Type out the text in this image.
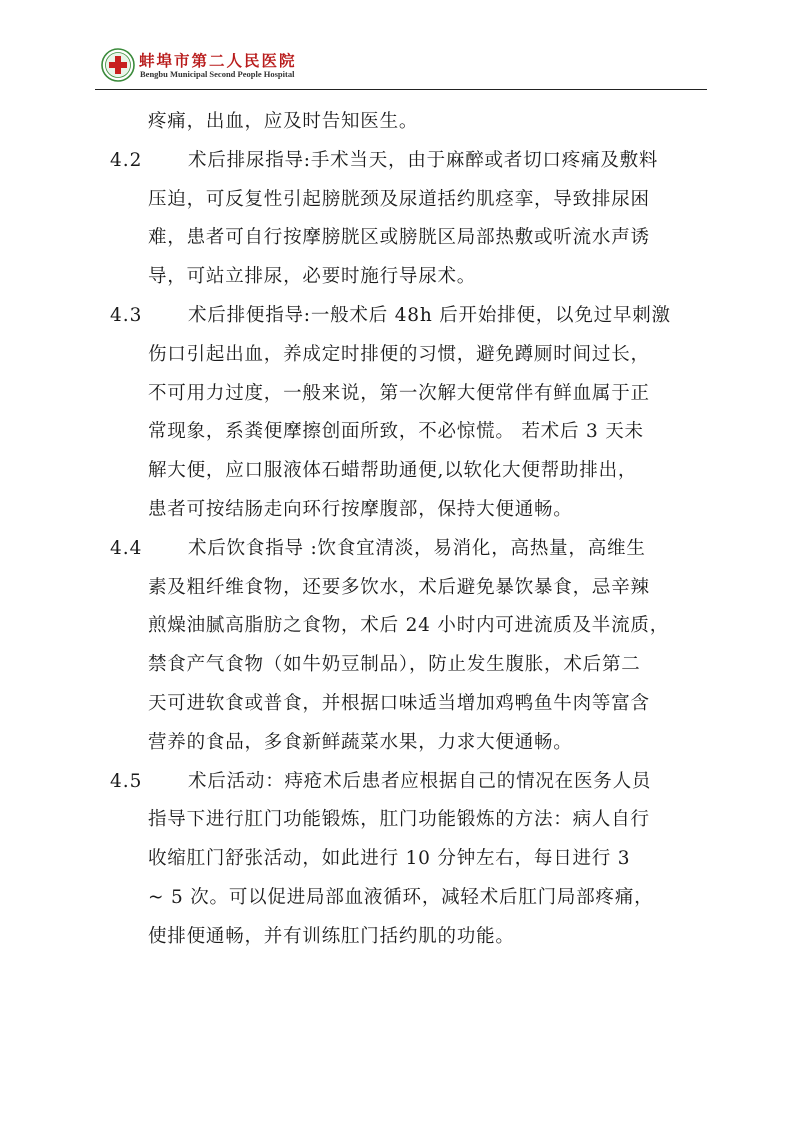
蚌埠市第二人民医院
Bengbu Municipal Second People Hospital
疼痛，出血，应及时告知医生。
4.2	术后排尿指导:手术当天，由于麻醉或者切口疼痛及敷料
压迫，可反复性引起膀胱颈及尿道括约肌痉挛，导致排尿困
难，患者可自行按摩膀胱区或膀胱区局部热敷或听流水声诱
导，可站立排尿，必要时施行导尿术。
4.3	术后排便指导:一般术后 48h 后开始排便，以免过早刺激
伤口引起出血，养成定时排便的习惯，避免蹲厕时间过长，
不可用力过度，一般来说，第一次解大便常伴有鲜血属于正
常现象，系粪便摩擦创面所致，不必惊慌。 若术后 3 天未
解大便，应口服液体石蜡帮助通便,以软化大便帮助排出，
患者可按结肠走向环行按摩腹部，保持大便通畅。
4.4	术后饮食指导 :饮食宜清淡，易消化，高热量，高维生
素及粗纤维食物，还要多饮水，术后避免暴饮暴食，忌辛辣
煎燥油腻高脂肪之食物，术后 24 小时内可进流质及半流质，
禁食产气食物（如牛奶豆制品），防止发生腹胀，术后第二
天可进软食或普食，并根据口味适当增加鸡鸭鱼牛肉等富含
营养的食品，多食新鲜蔬菜水果，力求大便通畅。
4.5	术后活动：痔疮术后患者应根据自己的情况在医务人员
指导下进行肛门功能锻炼，肛门功能锻炼的方法：病人自行
收缩肛门舒张活动，如此进行 10 分钟左右，每日进行 3
~ 5 次。可以促进局部血液循环，减轻术后肛门局部疼痛，
使排便通畅，并有训练肛门括约肌的功能。
